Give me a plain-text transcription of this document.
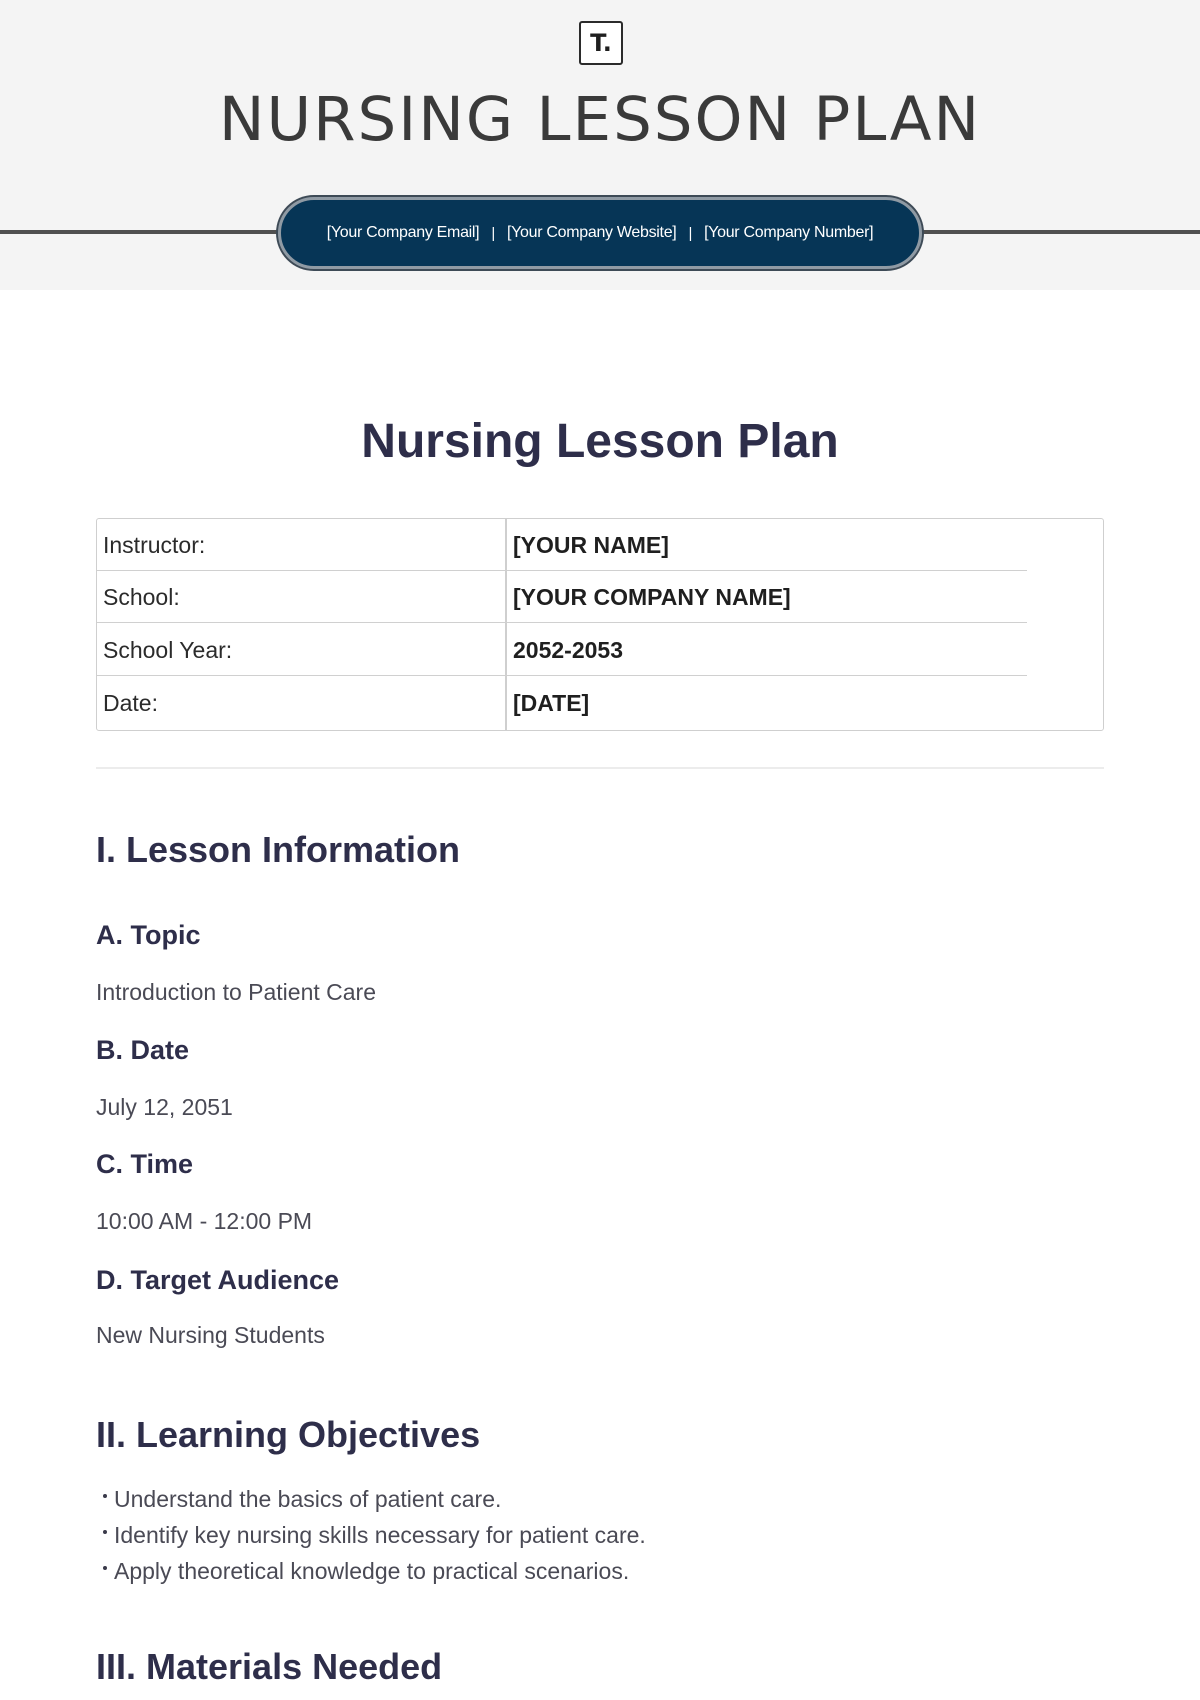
T.
NURSING LESSON PLAN
[Your Company Email] | [Your Company Website] | [Your Company Number]
Nursing Lesson Plan
Instructor:	[YOUR NAME]
School:	[YOUR COMPANY NAME]
School Year:	2052-2053
Date:	[DATE]
I. Lesson Information
A. Topic

Introduction to Patient Care

B. Date

July 12, 2051

C. Time

10:00 AM - 12:00 PM

D. Target Audience

New Nursing Students

II. Learning Objectives
Understand the basics of patient care.
Identify key nursing skills necessary for patient care.
Apply theoretical knowledge to practical scenarios.
III. Materials Needed
